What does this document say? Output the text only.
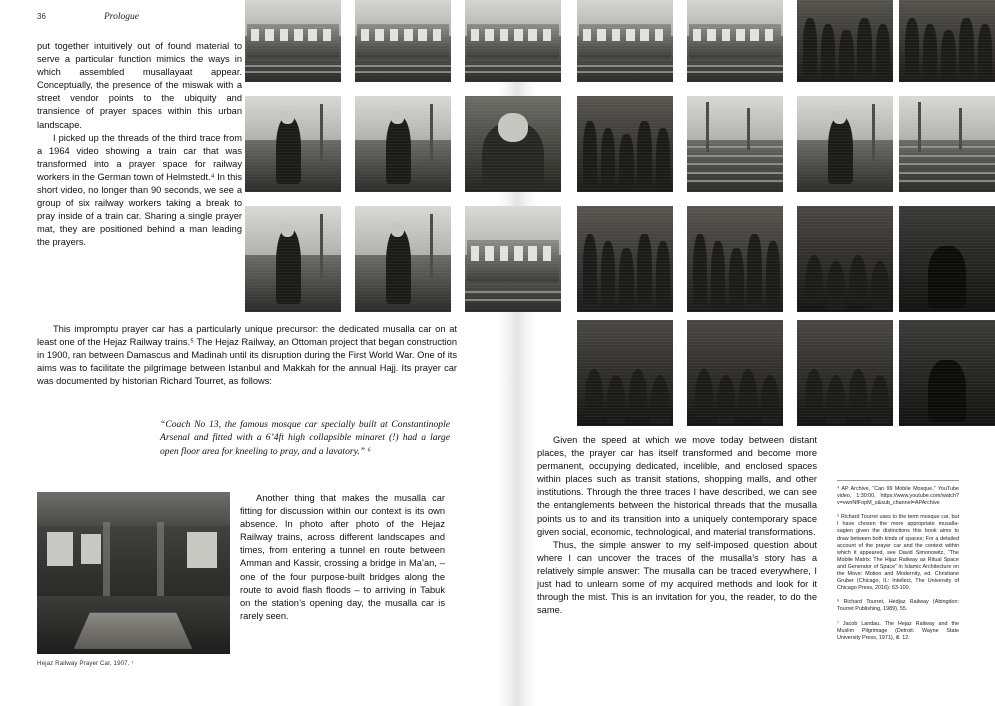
36	Prologue

put together intuitively out of found material to serve a particular function mimics the ways in which assembled musallayaat appear. Conceptually, the presence of the miswak with a street vendor points to the ubiquity and transience of prayer spaces within this urban landscape.

I picked up the threads of the third trace from a 1964 video showing a train car that was transformed into a prayer space for railway workers in the German town of Helmstedt.⁴ In this short video, no longer than 90 seconds, we see a group of six railway workers taking a break to pray inside of a train car. Sharing a single prayer mat, they are positioned behind a man leading the prayers.

This impromptu prayer car has a particularly unique precursor: the dedicated musalla car on at least one of the Hejaz Railway trains.⁵ The Hejaz Railway, an Ottoman project that began construction in 1900, ran between Damascus and Madinah until its disruption during the First World War. One of its aims was to facilitate the pilgrimage between Istanbul and Makkah for the annual Hajj. Its prayer car was documented by historian Richard Tourret, as follows:

“Coach No 13, the famous mosque car specially built at Constantinople Arsenal and fitted with a 6’4ft high collapsible minaret (!) had a large open floor area for kneeling to pray, and a lavatory.” ⁶

Another thing that makes the musalla car fitting for discussion within our context is its own absence. In photo after photo of the Hejaz Railway trains, across different landscapes and times, from entering a tunnel en route between Amman and Kassir, crossing a bridge in Ma’an, – one of the four purpose-built bridges along the route to avoid flash floods – to arriving in Tabuk on the station’s opening day, the musalla car is rarely seen.

Hejaz Railway Prayer Car, 1907. ⁷

Given the speed at which we move today between distant places, the prayer car has itself transformed and become more permanent, occupying dedicated, incelible, and enclosed spaces within places such as transit stations, shopping malls, and other institutions. Through the three traces I have described, we can see the entanglements between the historical threads that the musalla points us to and its transition into a uniquely contemporary space given social, economic, technological, and material transformations.

Thus, the simple answer to my self-imposed question about where I can uncover the traces of the musalla’s story has a relatively simple answer: The musalla can be traced everywhere, I just had to unlearn some of my acquired methods and look for it through the mist. This is an invitation for you, the reader, to do the same.

⁴ AP Archive, “Can 99 Mobile Mosque,” YouTube video, 1:30:00, https://www.youtube.com/watch?v=vwnNfFopM_o&sub_channel=APArchive

⁵ Richard Tourret uses to the term mosque car, but I have chosen the more appropriate musalla-sagien given the distinctions this book aims to draw between both kinds of spaces; For a detailed account of the prayer car and the context within which it appeared, see David Simonowitz, “The Mobile Matrix: The Hijaz Railway as Ritual Space and Generator of Space” in Islamic Architecture on the Move: Motion and Modernity, ed. Christiane Gruber (Chicago, IL: Intellect, The University of Chicago Press, 2016): 63-100.

⁶ Richard Tourret, Hedjaz Railway (Abingdon: Tourret Publishing, 1989), 55.

⁷ Jacob Landau, The Hejaz Railway and the Muslim Pilgrimage (Detroit: Wayne State University Press, 1971), ill. 12.
